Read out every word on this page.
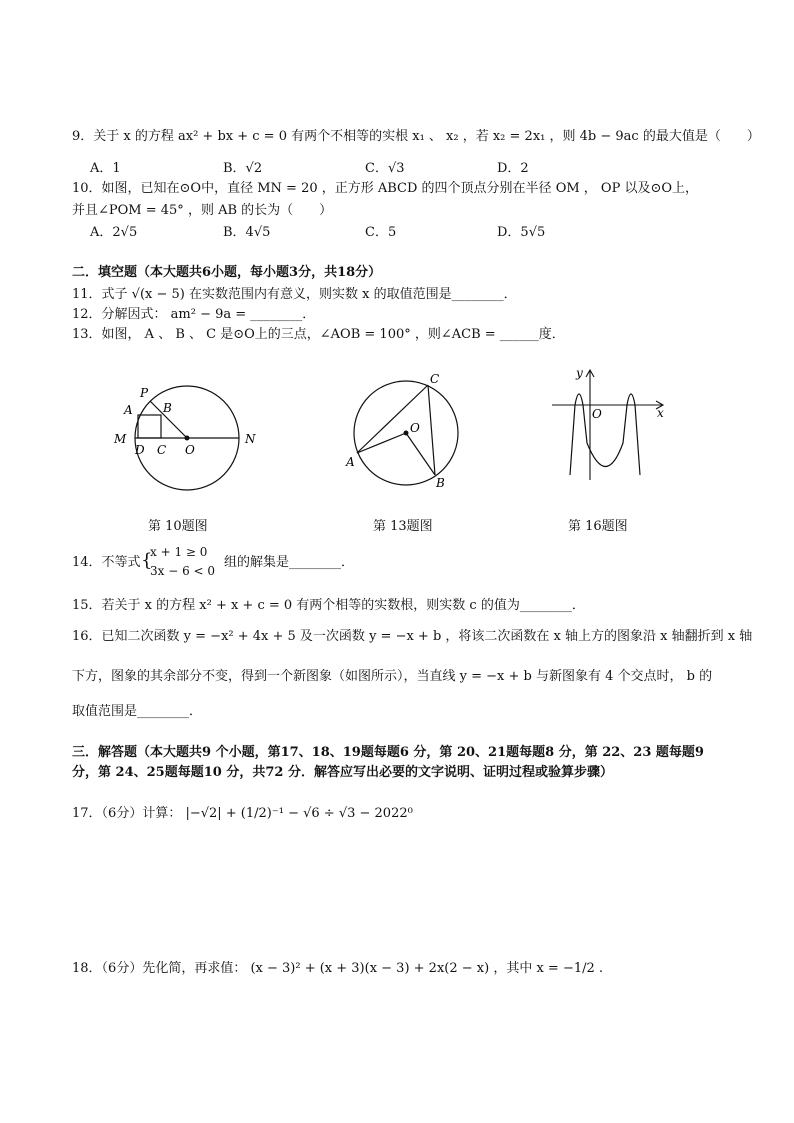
9．关于 x 的方程 ax² + bx + c = 0 有两个不相等的实根 x₁ 、 x₂ ，若 x₂ = 2x₁ ，则 4b − 9ac 的最大值是（　　）
A．1	B．√2	C．√3	D．2
10．如图，已知在⊙O中，直径 MN = 20 ，正方形 ABCD 的四个顶点分别在半径 OM ， OP 以及⊙O上，
并且∠POM = 45° ，则 AB 的长为（　　）
A．2√5	B．4√5	C．5	D．5√5
二．填空题（本大题共6小题，每小题3分，共18分）
11．式子 √(x − 5) 在实数范围内有意义，则实数 x 的取值范围是________．
12．分解因式： am² − 9a = ________．
13．如图， A 、 B 、 C 是⊙O上的三点，∠AOB = 100° ，则∠ACB = ______度．
P
A	B
M
D C O
N
第 10题图
C
O
A
B
第 13题图
y
O	x
第 16题图
14．不等式 {
x + 1 ≥ 0
3x − 6 < 0
组的解集是________．
15．若关于 x 的方程 x² + x + c = 0 有两个相等的实数根，则实数 c 的值为________．
16．已知二次函数 y = −x² + 4x + 5 及一次函数 y = −x + b ，将该二次函数在 x 轴上方的图象沿 x 轴翻折到 x 轴
下方，图象的其余部分不变，得到一个新图象（如图所示），当直线 y = −x + b 与新图象有 4 个交点时， b 的
取值范围是________．
三．解答题（本大题共9 个小题，第17、18、19题每题6 分，第 20、21题每题8 分，第 22、23 题每题9
分，第 24、25题每题10 分，共72 分．解答应写出必要的文字说明、证明过程或验算步骤）
17．（6分）计算： |−√2| + (1/2)⁻¹ − √6 ÷ √3 − 2022⁰
18．（6分）先化简，再求值： (x − 3)² + (x + 3)(x − 3) + 2x(2 − x) ，其中 x = −1/2 .
